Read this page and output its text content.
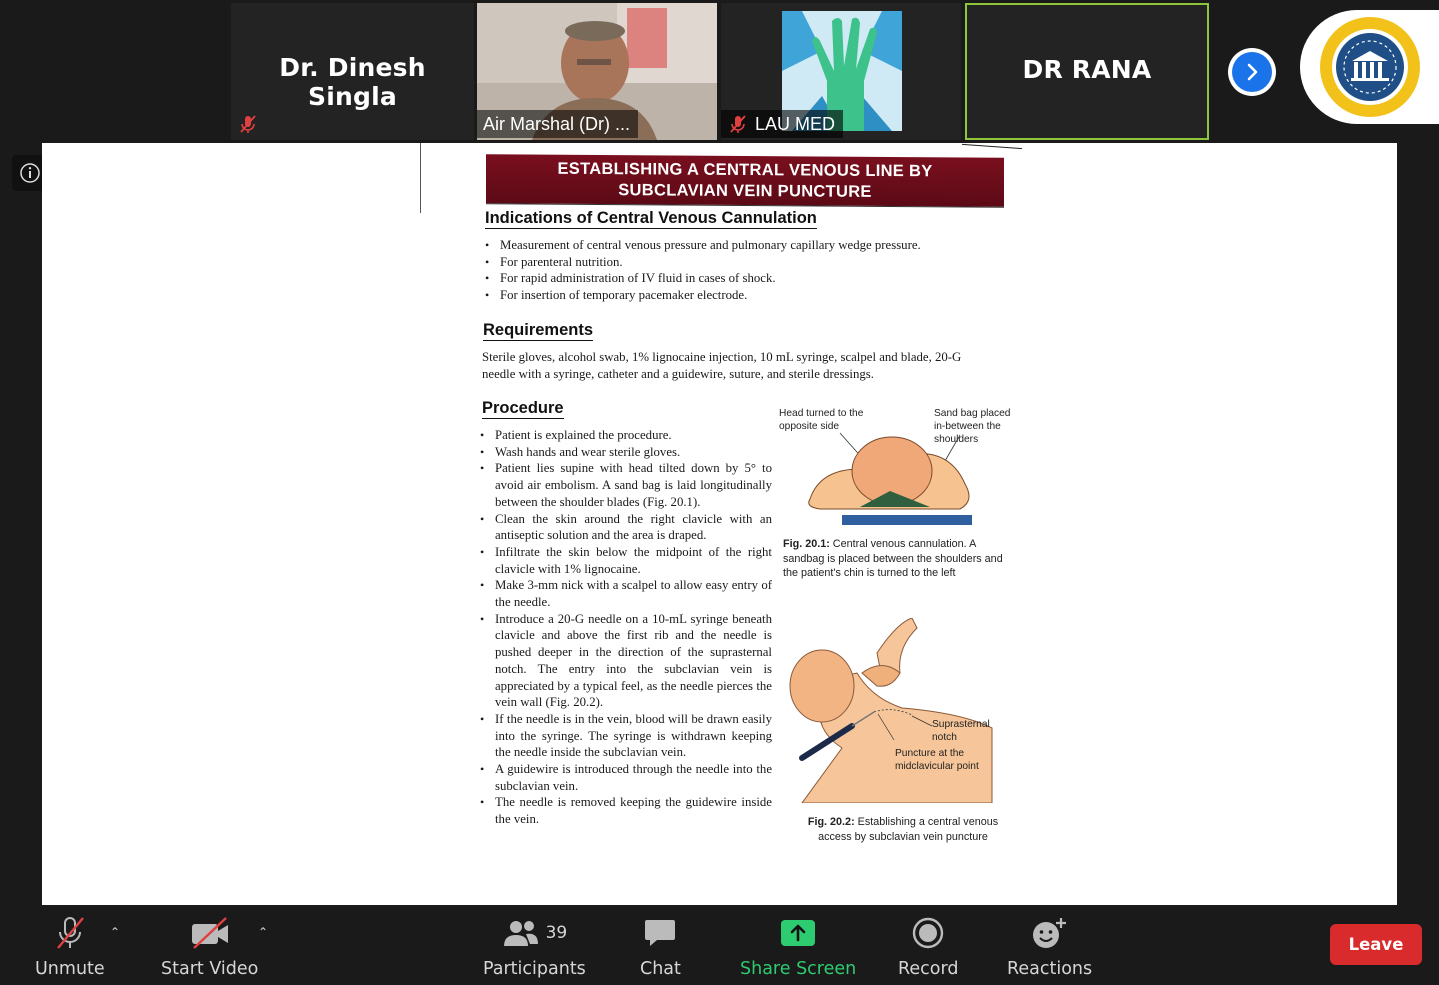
Dr. Dinesh Singla
Air Marshal (Dr) ...	LAU MED
DR RANA
ESTABLISHING A CENTRAL VENOUS LINE BY
SUBCLAVIAN VEIN PUNCTURE
Indications of Central Venous Cannulation
• Measurement of central venous pressure and pulmonary capillary wedge pressure.
• For parenteral nutrition.
• For rapid administration of IV fluid in cases of shock.
• For insertion of temporary pacemaker electrode.
Requirements
Sterile gloves, alcohol swab, 1% lignocaine injection, 10 mL syringe, scalpel and blade, 20-G
needle with a syringe, catheter and a guidewire, suture, and sterile dressings.
Procedure
• Patient is explained the procedure.
• Wash hands and wear sterile gloves.
• Patient lies supine with head tilted down by 5° to avoid air embolism. A sand bag is laid longitudinally between the shoulder blades (Fig. 20.1).
• Clean the skin around the right clavicle with an antiseptic solution and the area is draped.
• Infiltrate the skin below the midpoint of the right clavicle with 1% lignocaine.
• Make 3-mm nick with a scalpel to allow easy entry of the needle.
• Introduce a 20-G needle on a 10-mL syringe beneath clavicle and above the first rib and the needle is pushed deeper in the direction of the suprasternal notch. The entry into the subclavian vein is appreciated by a typical feel, as the needle pierces the vein wall (Fig. 20.2).
• If the needle is in the vein, blood will be drawn easily into the syringe. The syringe is withdrawn keeping the needle inside the subclavian vein.
• A guidewire is introduced through the needle into the subclavian vein.
• The needle is removed keeping the guidewire inside the vein.
Head turned to the
opposite side
Sand bag placed
in-between the
shoulders
Fig. 20.1: Central venous cannulation. A
sandbag is placed between the shoulders and
the patient's chin is turned to the left
Suprasternal
notch
Puncture at the
midclavicular point
Fig. 20.2: Establishing a central venous
access by subclavian vein puncture
Unmute
⌃
Start Video
⌃	39
Participants	Chat	Share Screen Record	Reactions
Leave
